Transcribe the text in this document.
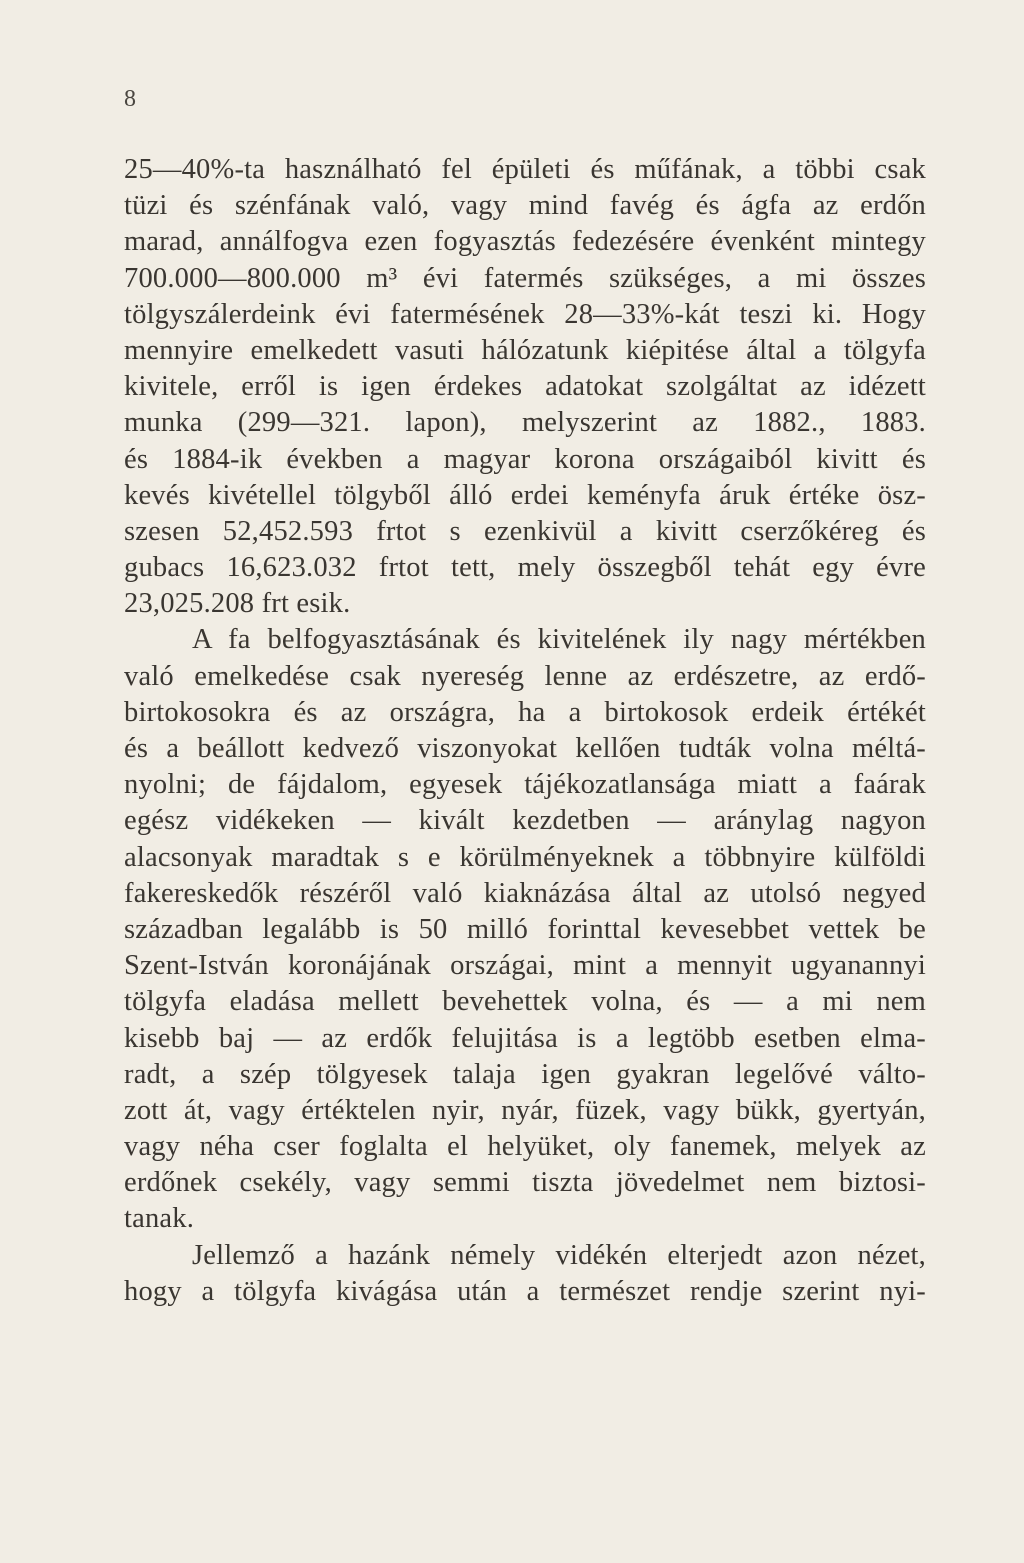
8
25—40%-ta használható fel épületi és műfának, a többi csak
tüzi és szénfának való, vagy mind favég és ágfa az erdőn
marad, annálfogva ezen fogyasztás fedezésére évenként mintegy
700.000—800.000 m³ évi fatermés szükséges, a mi összes
tölgyszálerdeink évi fatermésének 28—33%-kát teszi ki. Hogy
mennyire emelkedett vasuti hálózatunk kiépitése által a tölgyfa
kivitele, erről is igen érdekes adatokat szolgáltat az idézett
munka (299—321. lapon), melyszerint az 1882., 1883.
és 1884-ik években a magyar korona országaiból kivitt és
kevés kivétellel tölgyből álló erdei keményfa áruk értéke ösz-
szesen 52,452.593 frtot s ezenkivül a kivitt cserzőkéreg és
gubacs 16,623.032 frtot tett, mely összegből tehát egy évre
23,025.208 frt esik.
A fa belfogyasztásának és kivitelének ily nagy mértékben
való emelkedése csak nyereség lenne az erdészetre, az erdő-
birtokosokra és az országra, ha a birtokosok erdeik értékét
és a beállott kedvező viszonyokat kellően tudták volna méltá-
nyolni; de fájdalom, egyesek tájékozatlansága miatt a faárak
egész vidékeken — kivált kezdetben — aránylag nagyon
alacsonyak maradtak s e körülményeknek a többnyire külföldi
fakereskedők részéről való kiaknázása által az utolsó negyed
században legalább is 50 milló forinttal kevesebbet vettek be
Szent-István koronájának országai, mint a mennyit ugyanannyi
tölgyfa eladása mellett bevehettek volna, és — a mi nem
kisebb baj — az erdők felujitása is a legtöbb esetben elma-
radt, a szép tölgyesek talaja igen gyakran legelővé válto-
zott át, vagy értéktelen nyir, nyár, füzek, vagy bükk, gyertyán,
vagy néha cser foglalta el helyüket, oly fanemek, melyek az
erdőnek csekély, vagy semmi tiszta jövedelmet nem biztosi-
tanak.
Jellemző a hazánk némely vidékén elterjedt azon nézet,
hogy a tölgyfa kivágása után a természet rendje szerint nyi-
